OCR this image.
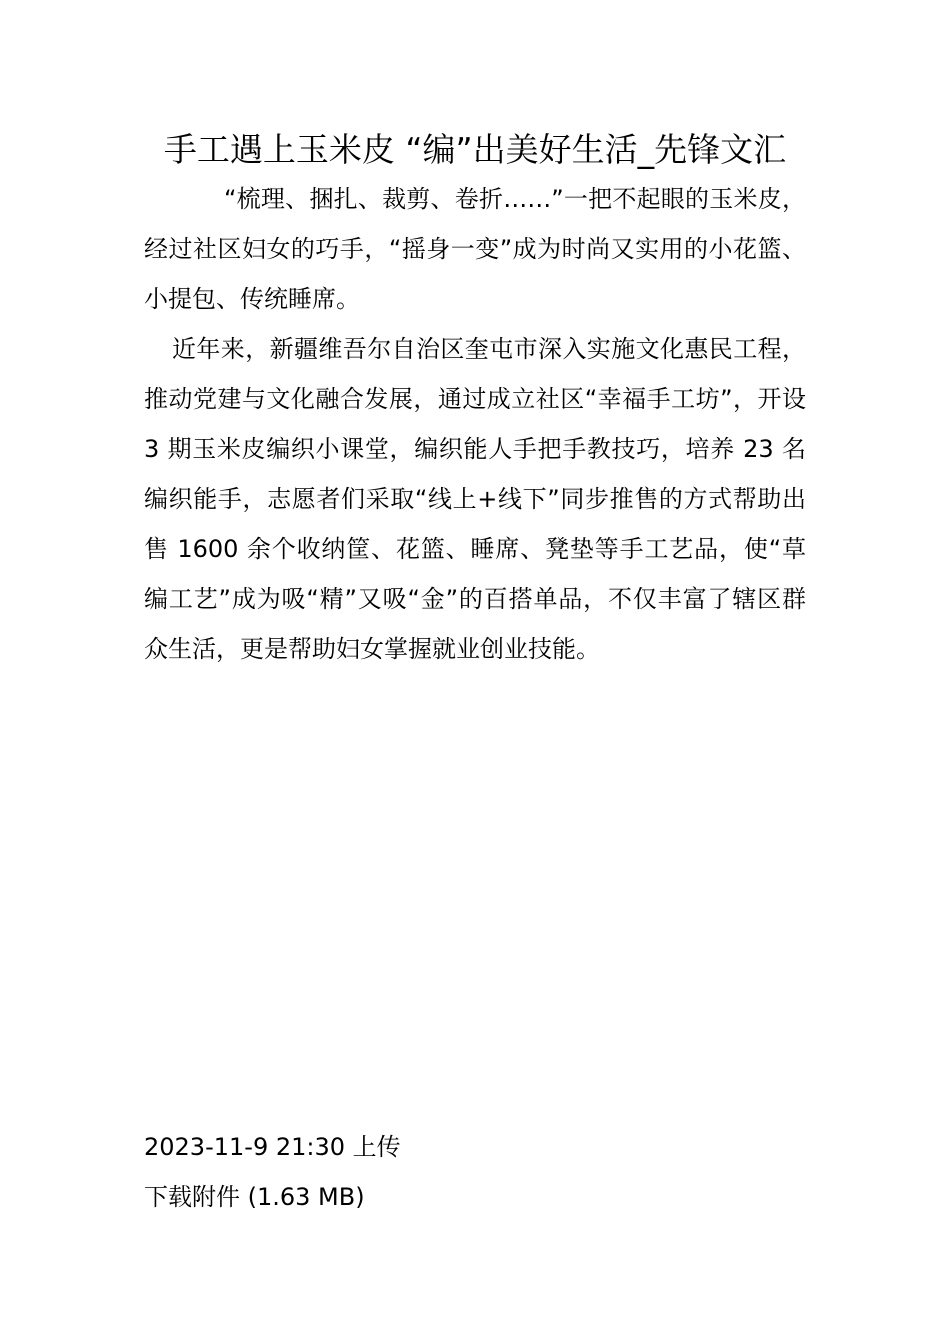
手工遇上玉米皮 “编”出美好生活_先锋文汇

“梳理、捆扎、裁剪、卷折……”一把不起眼的玉米皮，经过社区妇女的巧手，“摇身一变”成为时尚又实用的小花篮、小提包、传统睡席。

近年来，新疆维吾尔自治区奎屯市深入实施文化惠民工程，推动党建与文化融合发展，通过成立社区“幸福手工坊”，开设 3 期玉米皮编织小课堂，编织能人手把手教技巧，培养 23 名编织能手，志愿者们采取“线上+线下”同步推售的方式帮助出售 1600 余个收纳筐、花篮、睡席、凳垫等手工艺品，使“草编工艺”成为吸“精”又吸“金”的百搭单品，不仅丰富了辖区群众生活，更是帮助妇女掌握就业创业技能。

2023-11-9 21:30 上传
下载附件 (1.63 MB)
